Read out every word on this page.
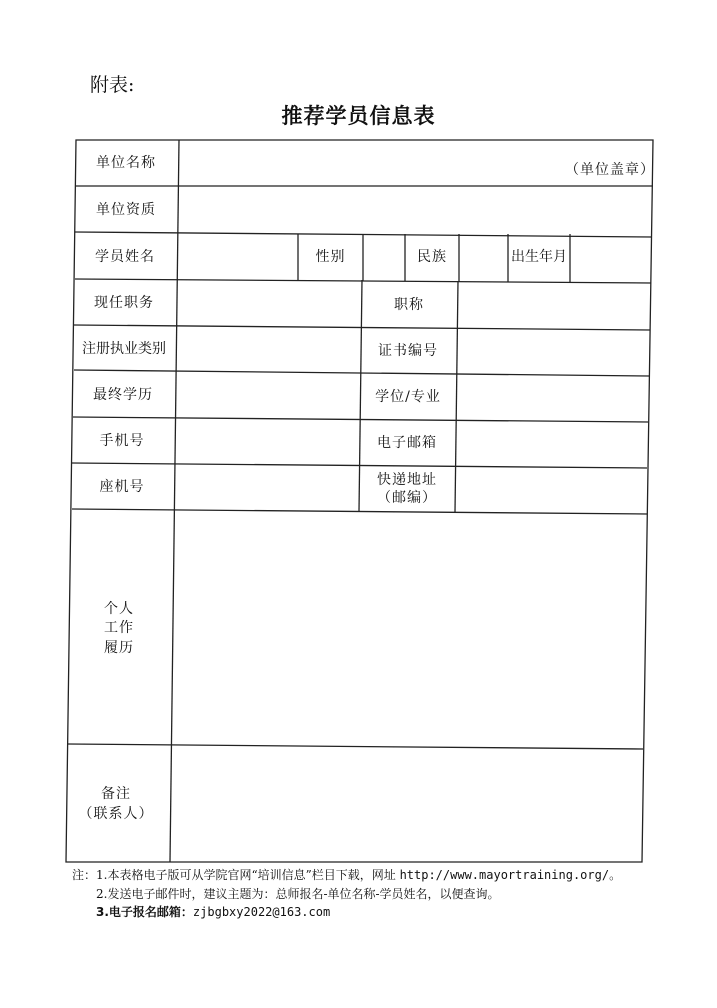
附表:
推荐学员信息表
单位名称	（单位盖章）
单位资质
学员姓名	性别	民族	出生年月
现任职务	职称
注册执业类别	证书编号
最终学历	学位/专业
手机号	电子邮箱
座机号	快递地址
（邮编）
个人
工作
履历
备注
（联系人）
注：1.本表格电子版可从学院官网“培训信息”栏目下载，网址 http://www.mayortraining.org/。
2.发送电子邮件时，建议主题为：总师报名-单位名称-学员姓名，以便查询。
3.电子报名邮箱：zjbgbxy2022@163.com
